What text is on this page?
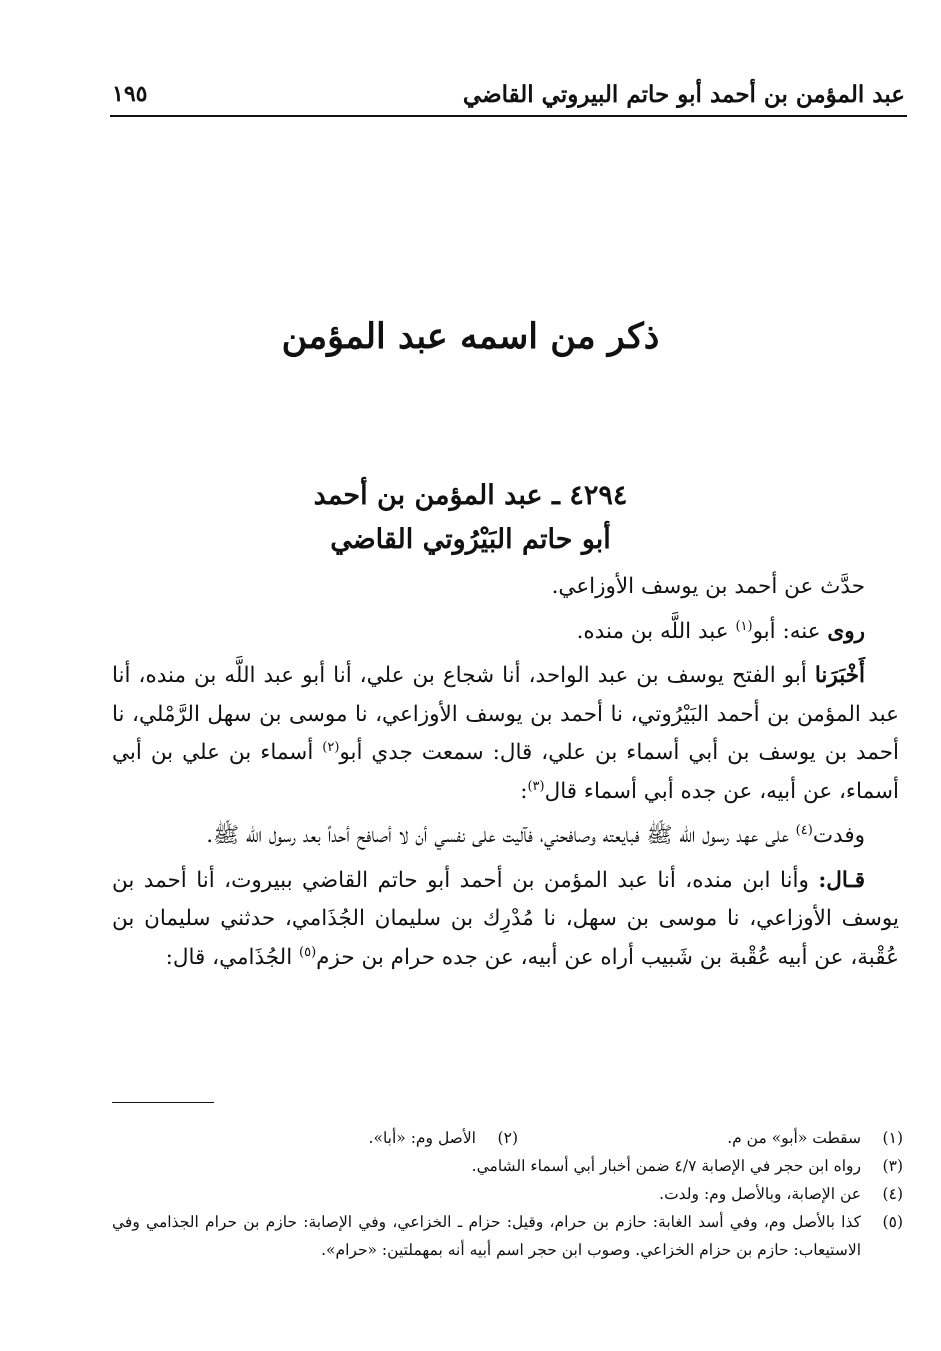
عبد المؤمن بن أحمد أبو حاتم البيروتي القاضي
١٩٥
ذكر من اسمه عبد المؤمن
٤٢٩٤ ـ عبد المؤمن بن أحمد
أبو حاتم البَيْرُوتي القاضي

حدَّث عن أحمد بن يوسف الأوزاعي.

روى عنه: أبو$^{(١)}$ عبد اللَّه بن منده.

أَخْبَرَنا أبو الفتح يوسف بن عبد الواحد، أنا شجاع بن علي، أنا أبو عبد اللَّه بن منده، أنا عبد المؤمن بن أحمد البَيْرُوتي، نا أحمد بن يوسف الأوزاعي، نا موسى بن سهل الرَّمْلي، نا أحمد بن يوسف بن أبي أسماء بن علي، قال: سمعت جدي أبو$^{(٢)}$ أسماء بن علي بن أبي أسماء، عن أبيه، عن جده أبي أسماء قال$^{(٣)}$:

وفدت$^{(٤)}$ على عهد رسول الله ﷺ فبايعته وصافحني، فآليت على نفسي أن لا أصافح أحداً بعد رسول الله ﷺ.

قـال: وأنا ابن منده، أنا عبد المؤمن بن أحمد أبو حاتم القاضي ببيروت، أنا أحمد بن يوسف الأوزاعي، نا موسى بن سهل، نا مُدْرِك بن سليمان الجُذَامي، حدثني سليمان بن عُقْبة، عن أبيه عُقْبة بن شَبيب أراه عن أبيه، عن جده حرام بن حزم$^{(٥)}$ الجُذَامي، قال:

(١)
سقطت «أبو» من م.
(٢)
الأصل وم: «أبا».
(٣)
رواه ابن حجر في الإصابة ٤/٧ ضمن أخبار أبي أسماء الشامي.
(٤)
عن الإصابة، وبالأصل وم: ولدت.
(٥)
كذا بالأصل وم، وفي أسد الغابة: حازم بن حرام، وقيل: حزام ـ الخزاعي، وفي الإصابة: حازم بن حرام الجذامي وفي الاستيعاب: حازم بن حزام الخزاعي. وصوب ابن حجر اسم أبيه أنه بمهملتين: «حرام».
